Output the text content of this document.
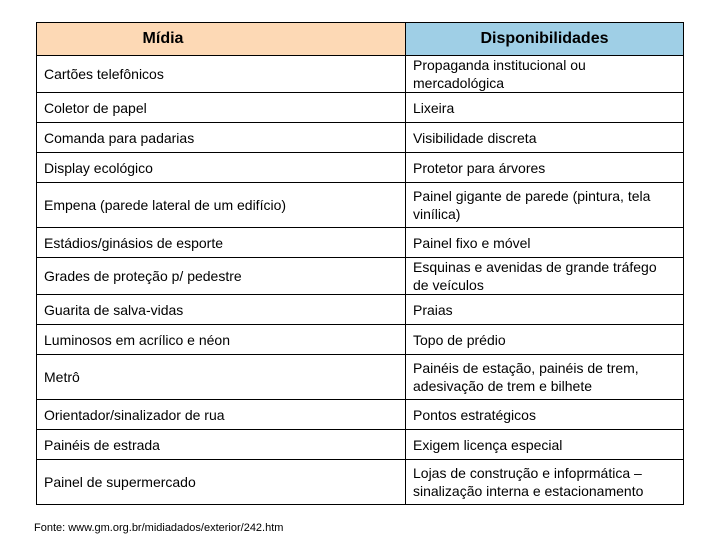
Mídia	Disponibilidades
Cartões telefônicos	Propaganda institucional ou mercadológica
Coletor de papel	Lixeira
Comanda para padarias	Visibilidade discreta
Display ecológico	Protetor para árvores
Empena (parede lateral de um edifício)	Painel gigante de parede (pintura, tela vinílica)
Estádios/ginásios de esporte	Painel fixo e móvel
Grades de proteção p/ pedestre	Esquinas e avenidas de grande tráfego de veículos
Guarita de salva-vidas	Praias
Luminosos em acrílico e néon	Topo de prédio
Metrô	Painéis de estação, painéis de trem, adesivação de trem e bilhete
Orientador/sinalizador de rua	Pontos estratégicos
Painéis de estrada	Exigem licença especial
Painel de supermercado	Lojas de construção e infoprmática – sinalização interna e estacionamento
Fonte: www.gm.org.br/midiadados/exterior/242.htm
